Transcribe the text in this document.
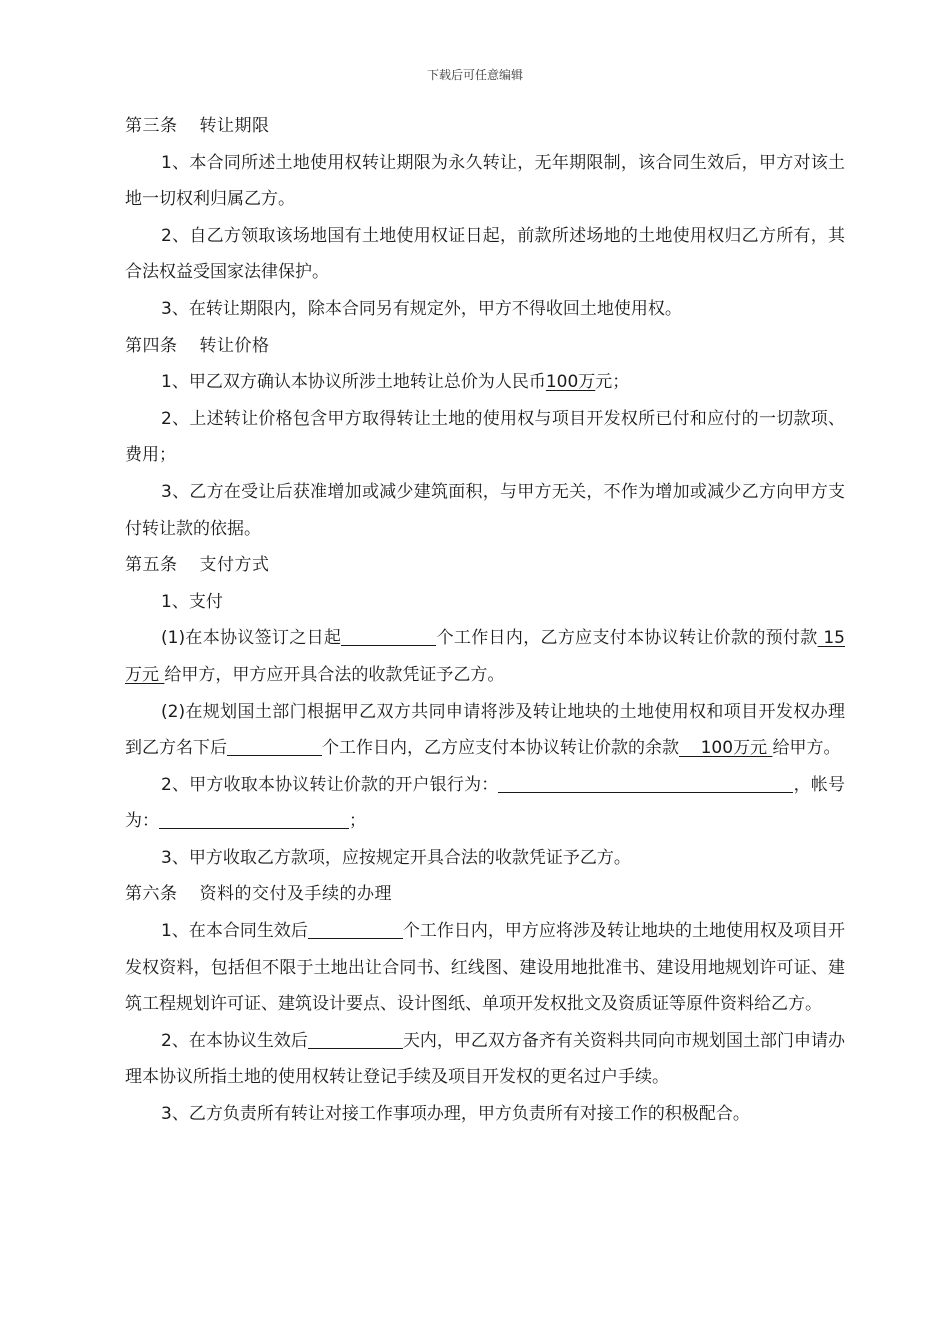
下载后可任意编辑

第三条 转让期限

1、本合同所述土地使用权转让期限为永久转让，无年期限制，该合同生效后，甲方对该土地一切权利归属乙方。

2、自乙方领取该场地国有土地使用权证日起，前款所述场地的土地使用权归乙方所有，其合法权益受国家法律保护。

3、在转让期限内，除本合同另有规定外，甲方不得收回土地使用权。

第四条 转让价格

1、甲乙双方确认本协议所涉土地转让总价为人民币100万元；

2、上述转让价格包含甲方取得转让土地的使用权与项目开发权所已付和应付的一切款项、费用；

3、乙方在受让后获准增加或减少建筑面积，与甲方无关，不作为增加或减少乙方向甲方支付转让款的依据。

第五条 支付方式

1、支付

(1)在本协议签订之日起	个工作日内，乙方应支付本协议转让价款的预付款 15万元 给甲方，甲方应开具合法的收款凭证予乙方。

(2)在规划国土部门根据甲乙双方共同申请将涉及转让地块的土地使用权和项目开发权办理到乙方名下后	个工作日内，乙方应支付本协议转让价款的余款    100万元 给甲方。

2、甲方收取本协议转让价款的开户银行为：	，帐号为：	；

3、甲方收取乙方款项，应按规定开具合法的收款凭证予乙方。

第六条 资料的交付及手续的办理

1、在本合同生效后	个工作日内，甲方应将涉及转让地块的土地使用权及项目开发权资料，包括但不限于土地出让合同书、红线图、建设用地批准书、建设用地规划许可证、建筑工程规划许可证、建筑设计要点、设计图纸、单项开发权批文及资质证等原件资料给乙方。

2、在本协议生效后	天内，甲乙双方备齐有关资料共同向市规划国土部门申请办理本协议所指土地的使用权转让登记手续及项目开发权的更名过户手续。

3、乙方负责所有转让对接工作事项办理，甲方负责所有对接工作的积极配合。
